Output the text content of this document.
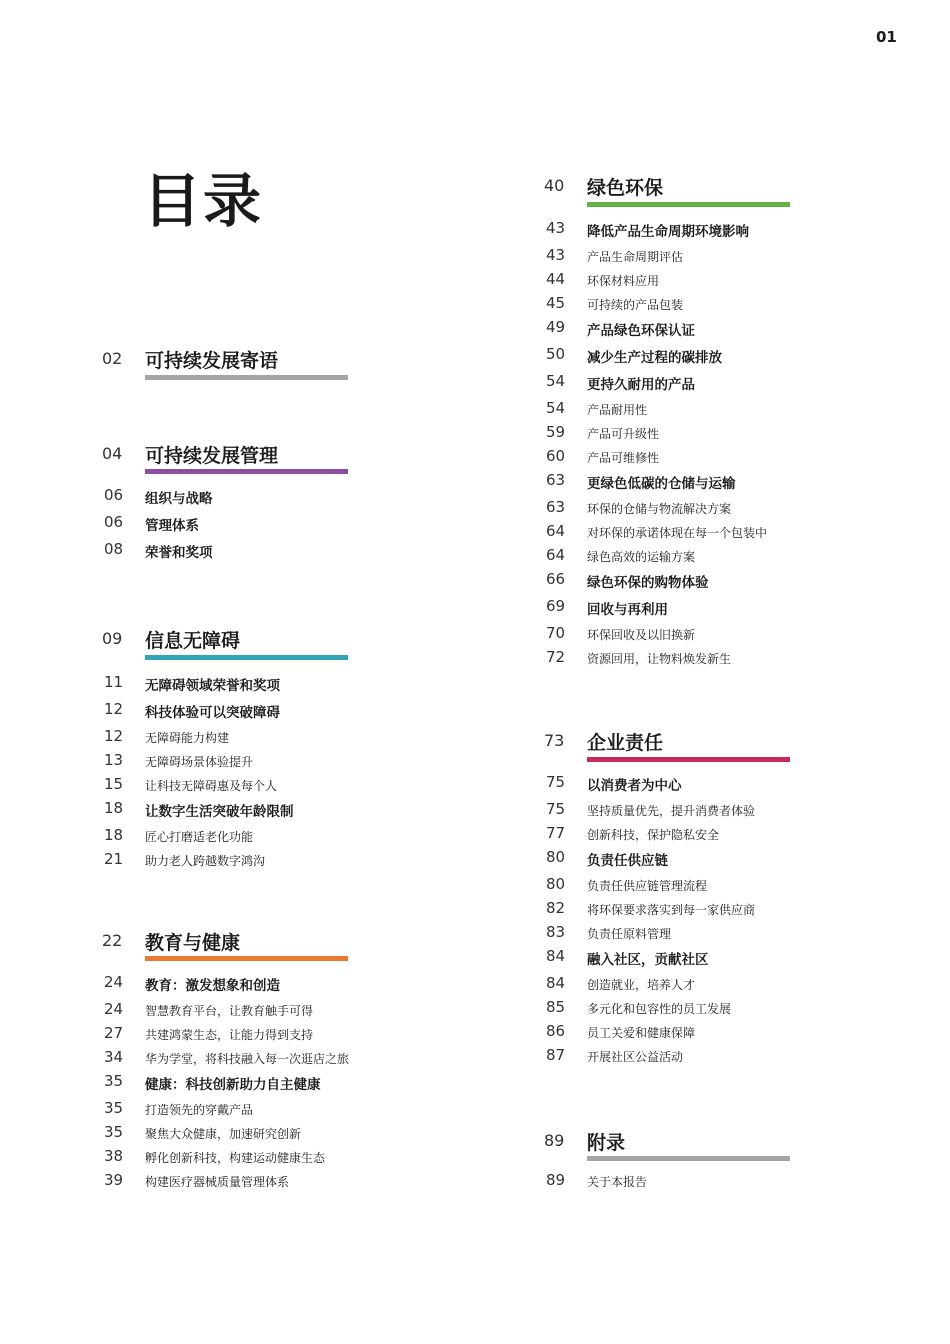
01
目录
02 可持续发展寄语
04 可持续发展管理
06 组织与战略
06 管理体系
08 荣誉和奖项
09 信息无障碍
11 无障碍领域荣誉和奖项
12 科技体验可以突破障碍
12 无障碍能力构建
13 无障碍场景体验提升
15 让科技无障碍惠及每个人
18 让数字生活突破年龄限制
18 匠心打磨适老化功能
21 助力老人跨越数字鸿沟
22 教育与健康
24 教育：激发想象和创造
24 智慧教育平台，让教育触手可得
27 共建鸿蒙生态，让能力得到支持
34 华为学堂，将科技融入每一次逛店之旅
35 健康：科技创新助力自主健康
35 打造领先的穿戴产品
35 聚焦大众健康，加速研究创新
38 孵化创新科技，构建运动健康生态
39 构建医疗器械质量管理体系
40 绿色环保
43 降低产品生命周期环境影响
43 产品生命周期评估
44 环保材料应用
45 可持续的产品包装
49 产品绿色环保认证
50 减少生产过程的碳排放
54 更持久耐用的产品
54 产品耐用性
59 产品可升级性
60 产品可维修性
63 更绿色低碳的仓储与运输
63 环保的仓储与物流解决方案
64 对环保的承诺体现在每一个包装中
64 绿色高效的运输方案
66 绿色环保的购物体验
69 回收与再利用
70 环保回收及以旧换新
72 资源回用，让物料焕发新生
73 企业责任
75 以消费者为中心
75 坚持质量优先，提升消费者体验
77 创新科技，保护隐私安全
80 负责任供应链
80 负责任供应链管理流程
82 将环保要求落实到每一家供应商
83 负责任原料管理
84 融入社区，贡献社区
84 创造就业，培养人才
85 多元化和包容性的员工发展
86 员工关爱和健康保障
87 开展社区公益活动
89 附录
89 关于本报告
